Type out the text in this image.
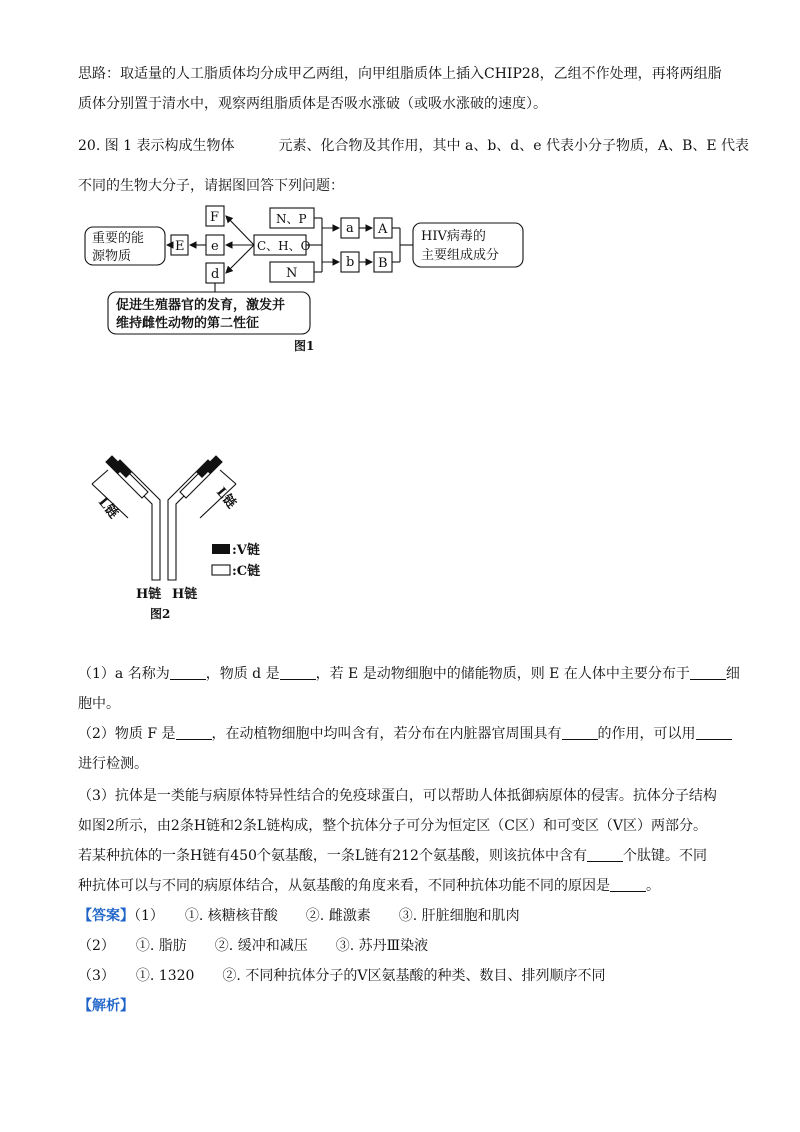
思路：取适量的人工脂质体均分成甲乙两组，向甲组脂质体上插入CHIP28，乙组不作处理，再将两组脂
质体分别置于清水中，观察两组脂质体是否吸水涨破（或吸水涨破的速度）。
20. 图 1 表示构成生物体	元素、化合物及其作用，其中 a、b、d、e 代表小分子物质，A、B、E 代表
不同的生物大分子，请据图回答下列问题：
重要的能
源物质
E
F
e
d
C、H、O
N、P
N
a
b
A
B
HIV病毒的
主要组成成分
促进生殖器官的发育，激发并
维持雌性动物的第二性征
图1
L链	L链
:V链
:C链
H链 H链
图2
（1）a 名称为	，物质 d 是	，若 E 是动物细胞中的储能物质，则 E 在人体中主要分布于	细
胞中。
（2）物质 F 是	，在动植物细胞中均叫含有，若分布在内脏器官周围具有	的作用，可以用
进行检测。
（3）抗体是一类能与病原体特异性结合的免疫球蛋白，可以帮助人体抵御病原体的侵害。抗体分子结构
如图2所示，由2条H链和2条L链构成，整个抗体分子可分为恒定区（C区）和可变区（V区）两部分。
若某种抗体的一条H链有450个氨基酸，一条L链有212个氨基酸，则该抗体中含有	个肽键。不同
种抗体可以与不同的病原体结合，从氨基酸的角度来看，不同种抗体功能不同的原因是	。
【答案】（1）　　①. 核糖核苷酸　　②. 雌激素　　③. 肝脏细胞和肌肉
（2）　　①. 脂肪　　②. 缓冲和减压　　③. 苏丹Ⅲ染液
（3）　　①. 1320　　②. 不同种抗体分子的Ⅴ区氨基酸的种类、数目、排列顺序不同
【解析】
